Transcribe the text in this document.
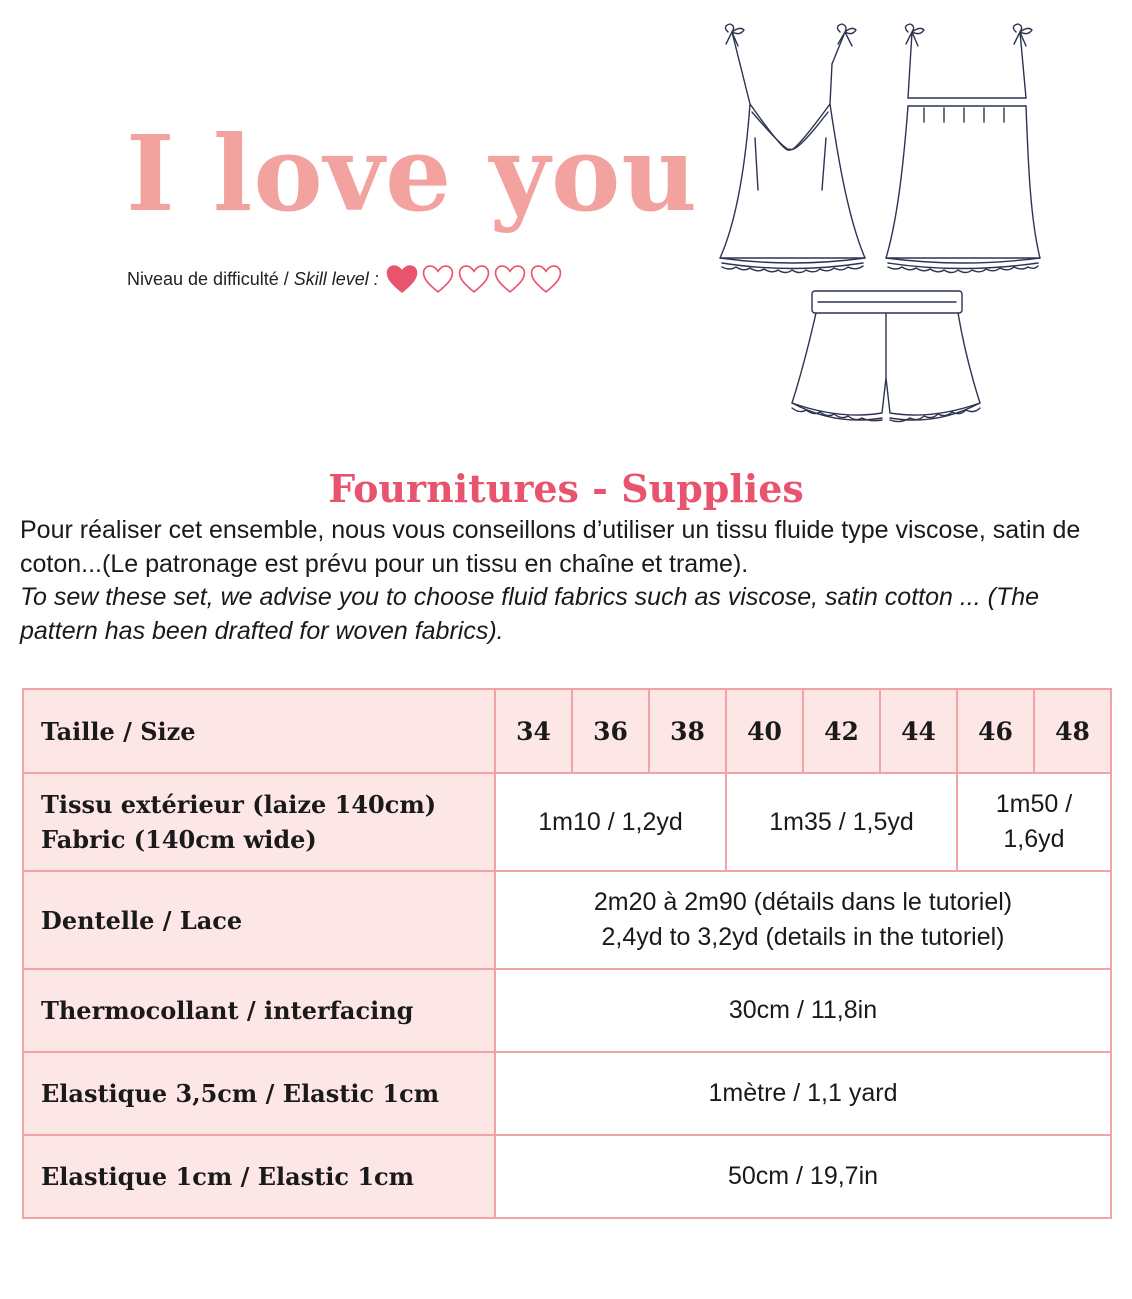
I love you
Niveau de difficulté /
Skill level :
Fournitures - Supplies

Pour réaliser cet ensemble, nous vous conseillons d’utiliser un tissu fluide type viscose, satin de coton...(Le patronage est prévu pour un tissu en chaîne et trame).

To sew these set, we advise you to choose fluid fabrics such as viscose, satin cotton ... (The pattern has been drafted for woven fabrics).

Taille / Size	34	36	38	40	42	44	46	48

Tissu extérieur (laize 140cm)
Fabric (140cm wide)	1m10 / 1,2yd			1m35 / 1,5yd			1m50 / 1,6yd	
Dentelle / Lace	2m20 à 2m90 (détails dans le tutoriel)
2,4yd to 3,2yd (details in the tutoriel)							

Thermocollant / interfacing	30cm / 11,8in							
Elastique 3,5cm / Elastic 1cm	1mètre / 1,1 yard							
Elastique 1cm / Elastic 1cm	50cm / 19,7in							
